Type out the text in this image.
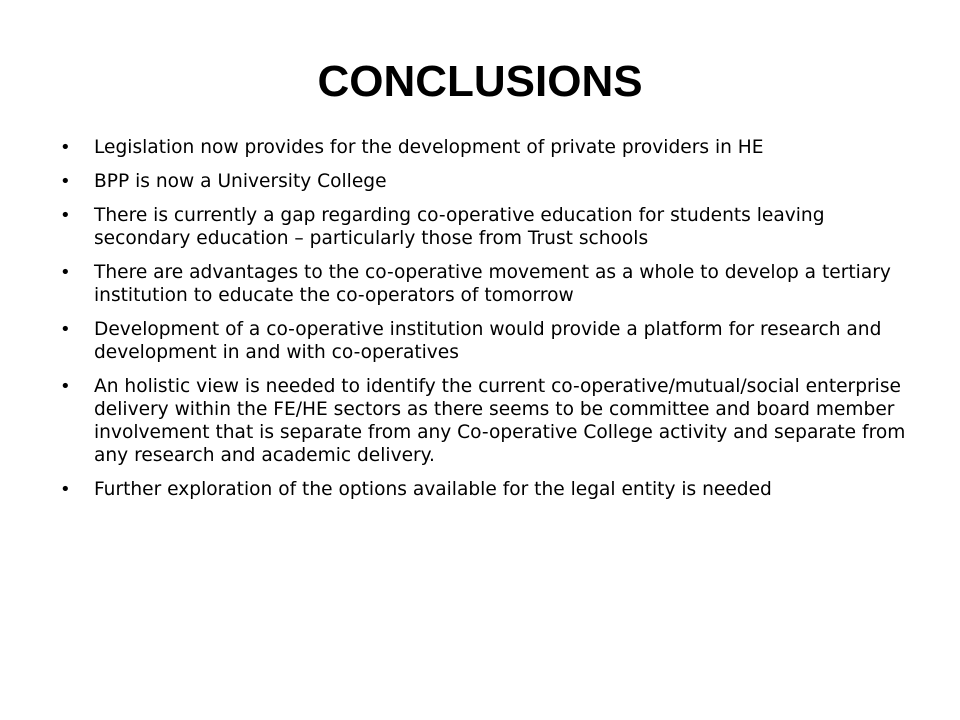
CONCLUSIONS
•	Legislation now provides for the development of private providers in HE
•	BPP is now a University College
•	There is currently a gap regarding co-operative education for students leaving secondary education – particularly those from Trust schools
•	There are advantages to the co-operative movement as a whole to develop a tertiary institution to educate the co-operators of tomorrow
•	Development of a co-operative institution would provide a platform for research and development in and with co-operatives
•	An holistic view is needed to identify the current co-operative/mutual/social enterprise delivery within the FE/HE sectors as there seems to be committee and board member involvement that is separate from any Co-operative College activity and separate from any research and academic delivery.
•	Further exploration of the options available for the legal entity is needed
